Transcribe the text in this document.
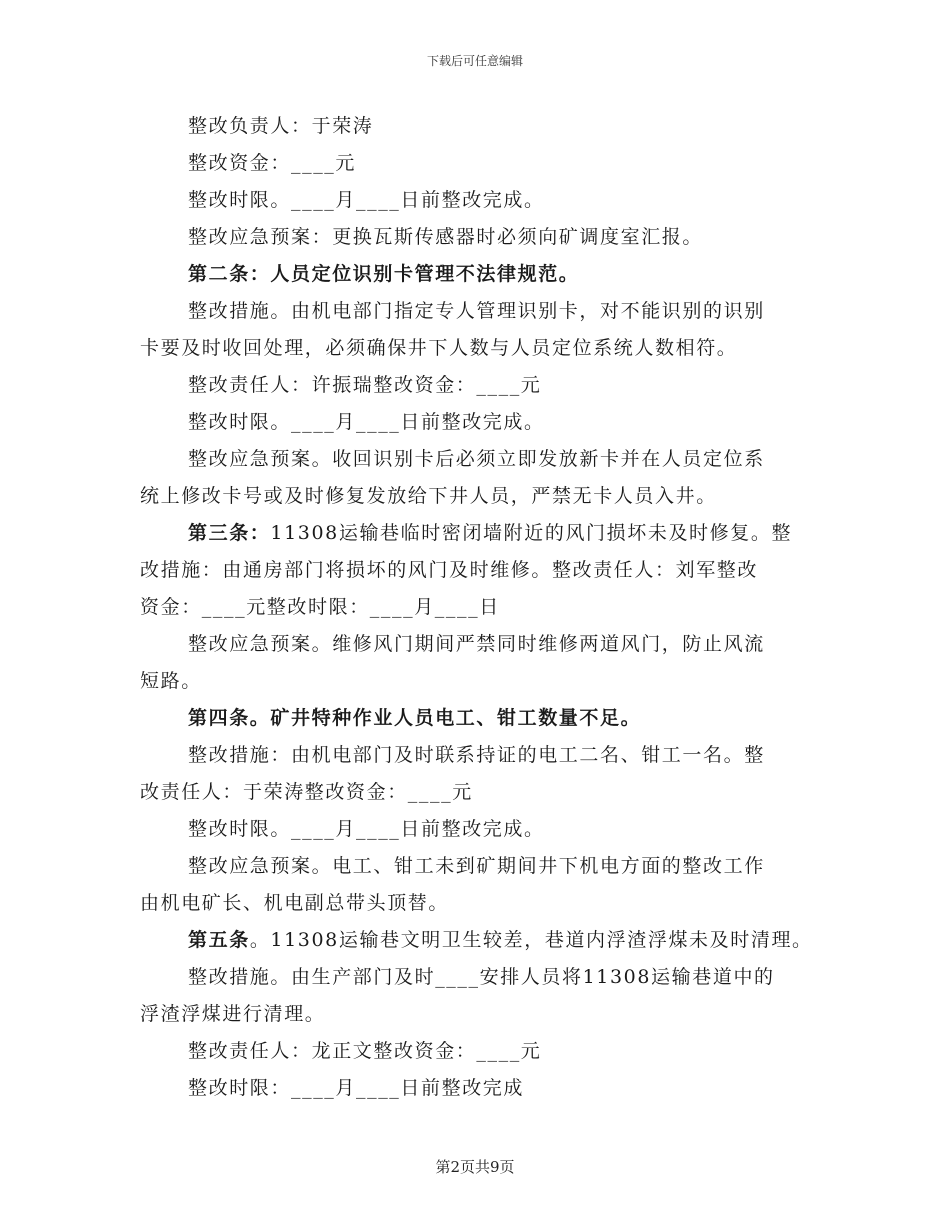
下载后可任意编辑
整改负责人：于荣涛
整改资金：____元
整改时限。____月____日前整改完成。
整改应急预案：更换瓦斯传感器时必须向矿调度室汇报。
第二条：人员定位识别卡管理不法律规范。
整改措施。由机电部门指定专人管理识别卡，对不能识别的识别
卡要及时收回处理，必须确保井下人数与人员定位系统人数相符。
整改责任人：许振瑞整改资金：____元
整改时限。____月____日前整改完成。
整改应急预案。收回识别卡后必须立即发放新卡并在人员定位系
统上修改卡号或及时修复发放给下井人员，严禁无卡人员入井。
第三条：11308运输巷临时密闭墙附近的风门损坏未及时修复。整
改措施：由通房部门将损坏的风门及时维修。整改责任人：刘军整改
资金：____元整改时限：____月____日
整改应急预案。维修风门期间严禁同时维修两道风门，防止风流
短路。
第四条。矿井特种作业人员电工、钳工数量不足。
整改措施：由机电部门及时联系持证的电工二名、钳工一名。整
改责任人：于荣涛整改资金：____元
整改时限。____月____日前整改完成。
整改应急预案。电工、钳工未到矿期间井下机电方面的整改工作
由机电矿长、机电副总带头顶替。
第五条。11308运输巷文明卫生较差，巷道内浮渣浮煤未及时清理。
整改措施。由生产部门及时____安排人员将11308运输巷道中的
浮渣浮煤进行清理。
整改责任人：龙正文整改资金：____元
整改时限：____月____日前整改完成
第2页共9页
